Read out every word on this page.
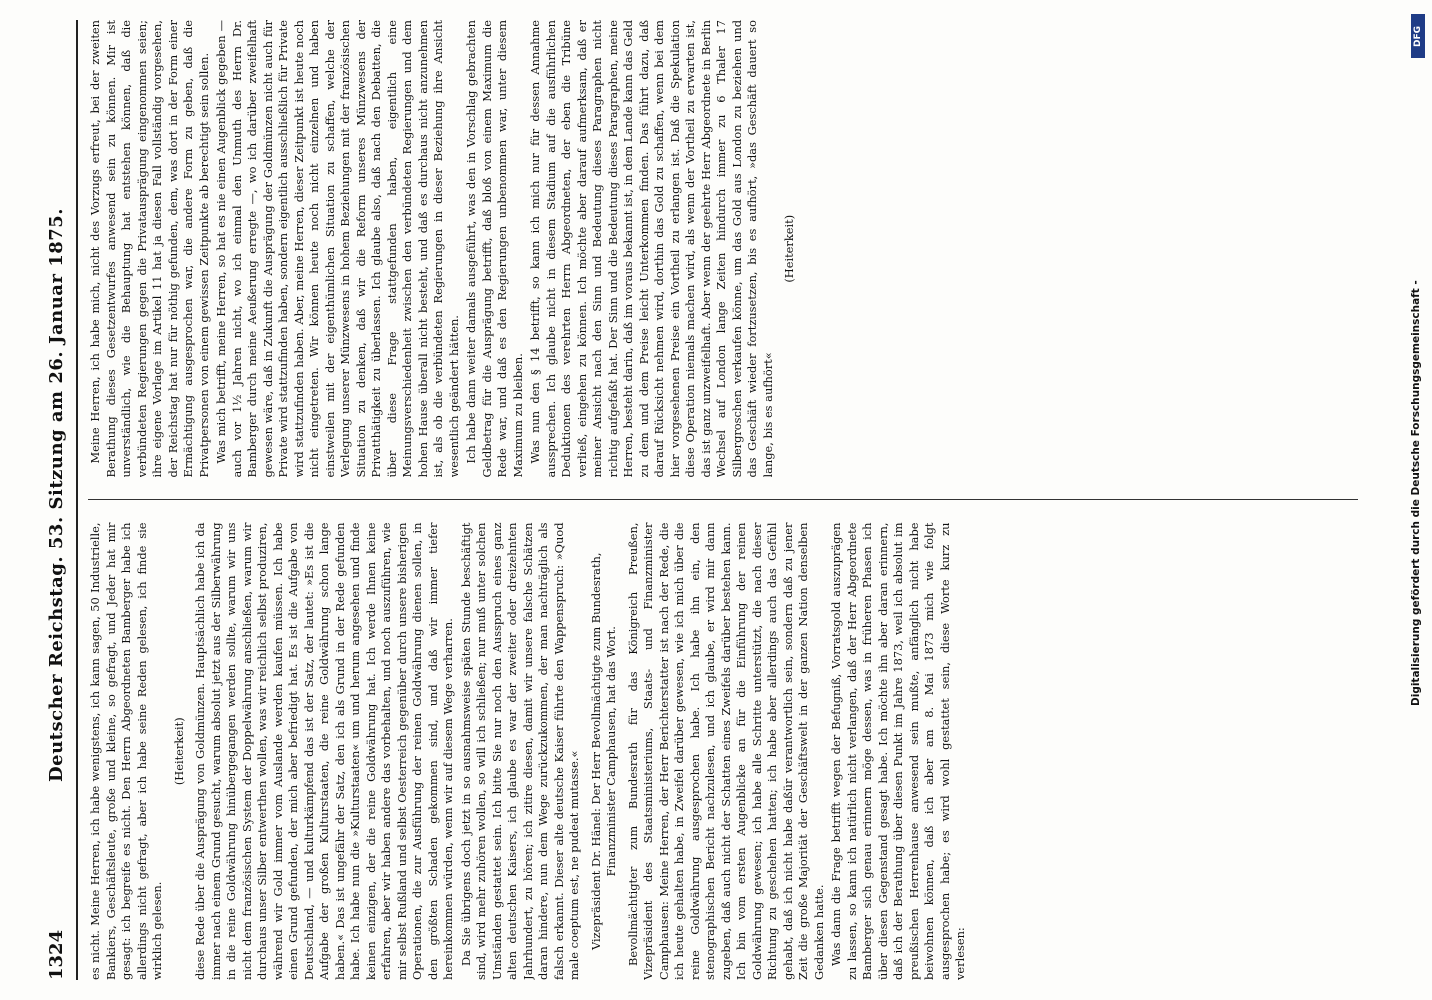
1324
Deutscher Reichstag. 53. Sitzung am 26. Januar 1875. es nicht. Meine Herren, ich habe wenigstens, ich kann sagen, 50 Industrielle, Bankiers, Geschäftsleute, große und kleine, so gefragt, und Jeder hat mir gesagt: ich begreife es nicht. Den Herrn Abgeordneten Bamberger habe ich allerdings nicht gefragt, aber ich habe seine Reden gelesen, ich finde sie wirklich gelesen.

(Heiterkeit) diese Rede über die Ausprägung von Goldmünzen. Hauptsächlich habe ich da immer nach einem Grund gesucht, warum absolut jetzt aus der Silberwährung in die reine Goldwährung hinübergegangen werden sollte, warum wir uns nicht dem französischen System der Doppelwährung anschließen, warum wir durchaus unser Silber entwerthen wollen, was wir reichlich selbst produziren, während wir Gold immer vom Auslande werden kaufen müssen. Ich habe einen Grund gefunden, der mich aber befriedigt hat. Es ist die Aufgabe von Deutschland, — und kulturkämpfend das ist der Satz, der lautet: »Es ist die Aufgabe der großen Kulturstaaten, die reine Goldwährung schon lange haben.« Das ist ungefähr der Satz, den ich als Grund in der Rede gefunden habe. Ich habe nun die »Kulturstaaten« um und herum angesehen und finde keinen einzigen, der die reine Goldwährung hat. Ich werde Ihnen keine erfahren, aber wir haben andere das vorbehalten, und noch auszuführen, wie mir selbst Rußland und selbst Oesterreich gegenüber durch unsere bisherigen Operationen, die zur Ausführung der reinen Goldwährung dienen sollen, in den größten Schaden gekommen sind, und daß wir immer tiefer hereinkommen würden, wenn wir auf diesem Wege verharren. Da Sie übrigens doch jetzt in so ausnahmsweise späten Stunde beschäftigt sind, wird mehr zuhören wollen, so will ich schließen; nur muß unter solchen Umständen gestattet sein. Ich bitte Sie nur noch den Ausspruch eines ganz alten deutschen Kaisers, ich glaube es war der zweiter oder dreizehnten Jahrhundert, zu hören; ich zitire diesen, damit wir unsere falsche Schätzen daran hindere, nun dem Wege zurückzukommen, der man nachträglich als falsch erkannt. Dieser alte deutsche Kaiser führte den Wappenspruch: »Quod male coeptum est, ne pudeat mutasse.« Vizepräsident Dr. Hänel: Der Herr Bevollmächtigte zum Bundesrath, Finanzminister Camphausen, hat das Wort. Bevollmächtigter zum Bundesrath für das Königreich Preußen, Vizepräsident des Staatsministeriums, Staats- und Finanzminister Camphausen: Meine Herren, der Herr Berichterstatter ist nach der Rede, die ich heute gehalten habe, in Zweifel darüber gewesen, wie ich mich über die reine Goldwährung ausgesprochen habe. Ich habe ihn ein, den stenographischen Bericht nachzulesen, und ich glaube, er wird mir dann zugeben, daß auch nicht der Schatten eines Zweifels darüber bestehen kann. Ich bin vom ersten Augenblicke an für die Einführung der reinen Goldwährung gewesen; ich habe alle Schritte unterstützt, die nach dieser Richtung zu geschehen hatten; ich habe aber allerdings auch das Gefühl gehabt, daß ich nicht habe daßür verantwortlich sein, sondern daß zu jener Zeit die große Majorität der Geschäftswelt in der ganzen Nation denselben Gedanken hatte. Was dann die Frage betrifft wegen der Befugniß, Vorratsgold auszuprägen zu lassen, so kann ich natürlich nicht verlangen, daß der Herr Abgeordnete Bamberger sich genau erinnern möge dessen, was in früheren Phasen ich über diesen Gegenstand gesagt habe. Ich möchte ihn aber daran erinnern, daß ich der Berathung über diesen Punkt im Jahre 1873, weil ich absolut im preußischen Herrenhause anwesend sein mußte, anfänglich nicht habe beiwohnen können, daß ich aber am 8. Mai 1873 mich wie folgt ausgesprochen habe; es wird wohl gestattet sein, diese Worte kurz zu verlesen:

Meine Herren, ich habe mich, nicht des Vorzugs erfreut, bei der zweiten Berathung dieses Gesetzentwurfes anwesend sein zu können. Mir ist unverständlich, wie die Behauptung hat entstehen können, daß die verbündeten Regierungen gegen die Privatausprägung eingenommen seien; ihre eigene Vorlage im Artikel 11 hat ja diesen Fall vollständig vorgesehen, der Reichstag hat nur für nöthig gefunden, dem, was dort in der Form einer Ermächtigung ausgesprochen war, die andere Form zu geben, daß die Privatpersonen von einem gewissen Zeitpunkte ab berechtigt sein sollen. Was mich betrifft, meine Herren, so hat es nie einen Augenblick gegeben — auch vor 1½ Jahren nicht, wo ich einmal den Unmuth des Herrn Dr. Bamberger durch meine Aeußerung erregte —, wo ich darüber zweifelhaft gewesen wäre, daß in Zukunft die Ausprägung der Goldmünzen nicht auch für Private wird stattzufinden haben, sondern eigentlich ausschließlich für Private wird stattzufinden haben. Aber, meine Herren, dieser Zeitpunkt ist heute noch nicht eingetreten. Wir können heute noch nicht einzelnen und haben einstweilen mit der eigenthümlichen Situation zu schaffen, welche der Verlegung unserer Münzwesens in hohem Beziehungen mit der französischen Situation zu denken, daß wir die Reform unseres Münzwesens der Privatthätigkeit zu überlassen. Ich glaube also, daß nach den Debatten, die über diese Frage stattgefunden haben, eigentlich eine Meinungsverschiedenheit zwischen den verbündeten Regierungen und dem hohen Hause überall nicht besteht, und daß es durchaus nicht anzunehmen ist, als ob die verbündeten Regierungen in dieser Beziehung ihre Ansicht wesentlich geändert hätten. Ich habe dann weiter damals ausgeführt, was den in Vorschlag gebrachten Geldbetrag für die Ausprägung betrifft, daß bloß von einem Maximum die Rede war, und daß es den Regierungen unbenommen war, unter diesem Maximum zu bleiben. Was nun den § 14 betrifft, so kann ich mich nur für dessen Annahme aussprechen. Ich glaube nicht in diesem Stadium auf die ausführlichen Deduktionen des verehrten Herrn Abgeordneten, der eben die Tribüne verließ, eingehen zu können. Ich möchte aber darauf aufmerksam, daß er meiner Ansicht nach den Sinn und Bedeutung dieses Paragraphen nicht richtig aufgefaßt hat. Der Sinn und die Bedeutung dieses Paragraphen, meine Herren, besteht darin, daß im voraus bekannt ist, in dem Lande kann das Geld zu dem und dem Preise leicht Unterkommen finden. Das führt dazu, daß darauf Rücksicht nehmen wird, dorthin das Gold zu schaffen, wenn bei dem hier vorgesehenen Preise ein Vortheil zu erlangen ist. Daß die Spekulation diese Operation niemals machen wird, als wenn der Vortheil zu erwarten ist, das ist ganz unzweifelhaft. Aber wenn der geehrte Herr Abgeordnete in Berlin Wechsel auf London lange Zeiten hindurch immer zu 6 Thaler 17 Silbergroschen verkaufen könne, um das Gold aus London zu beziehen und das Geschäft wieder fortzusetzen, bis es aufhört, »das Geschäft dauert so lange, bis es aufhört«

(Heiterkeit)

DFG
Digitalisierung gefördert durch die Deutsche Forschungsgemeinschaft -
